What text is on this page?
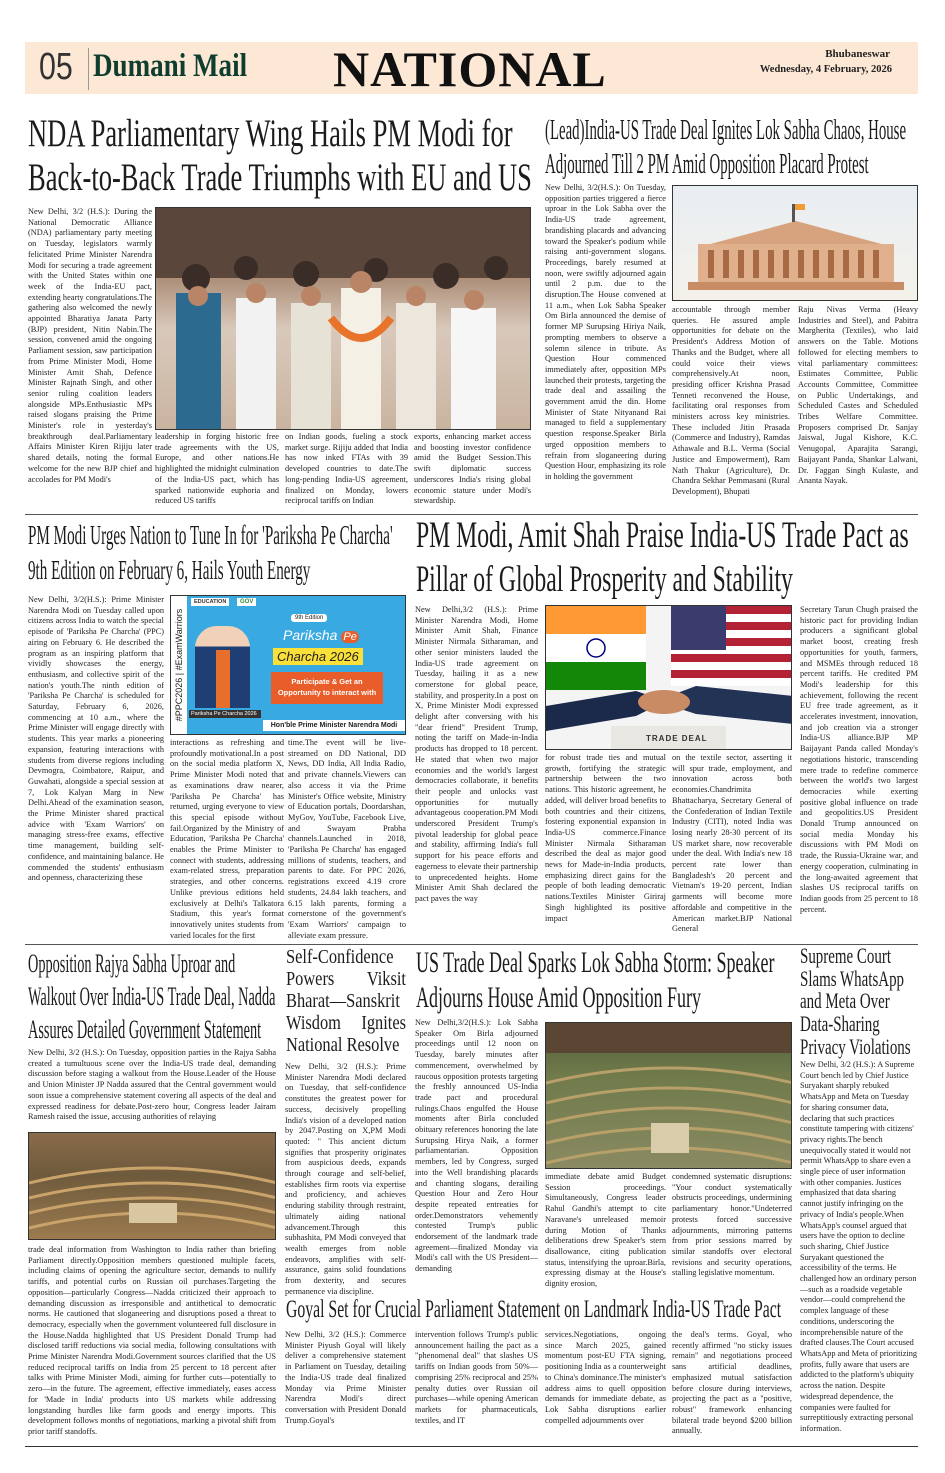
05 Dumani Mail NATIONAL	Bhubaneswar
Wednesday, 4 February, 2026
NDA Parliamentary Wing Hails PM Modi for Back-to-Back Trade Triumphs with EU and US
New Delhi, 3/2 (H.S.): During the National Democratic Alliance (NDA) parliamentary party meeting on Tuesday, legislators warmly felicitated Prime Minister Narendra Modi for securing a trade agreement with the United States within one week of the India-EU pact, extending hearty congratulations.The gathering also welcomed the newly appointed Bharatiya Janata Party (BJP) president, Nitin Nabin.The session, convened amid the ongoing Parliament session, saw participation from Prime Minister Modi, Home Minister Amit Shah, Defence Minister Rajnath Singh, and other senior ruling coalition leaders alongside MPs.Enthusiastic MPs raised slogans praising the Prime Minister's role in yesterday's breakthrough deal.Parliamentary Affairs Minister Kiren Rijiju later shared details, noting the formal welcome for the new BJP chief and accolades for PM Modi's
leadership in forging historic free trade agreements with the US, Europe, and other nations.He highlighted the midnight culmination of the India-US pact, which has sparked nationwide euphoria and reduced US tariffs
on Indian goods, fueling a stock market surge. Rijiju added that India has now inked FTAs with 39 developed countries to date.The long-pending India-US agreement, finalized on Monday, lowers reciprocal tariffs on Indian
exports, enhancing market access and boosting investor confidence amid the Budget Session.This swift diplomatic success underscores India's rising global economic stature under Modi's stewardship.
(Lead)India-US Trade Deal Ignites Lok Sabha Chaos, House Adjourned Till 2 PM Amid Opposition Placard Protest
New Delhi, 3/2(H.S.): On Tuesday, opposition parties triggered a fierce uproar in the Lok Sabha over the India-US trade agreement, brandishing placards and advancing toward the Speaker's podium while raising anti-government slogans. Proceedings, barely resumed at noon, were swiftly adjourned again until 2 p.m. due to the disruption.The House convened at 11 a.m., when Lok Sabha Speaker Om Birla announced the demise of former MP Surupsing Hiriya Naik, prompting members to observe a solemn silence in tribute. As Question Hour commenced immediately after, opposition MPs launched their protests, targeting the trade deal and assailing the government amid the din. Home Minister of State Nityanand Rai managed to field a supplementary question response.Speaker Birla urged opposition members to refrain from sloganeering during Question Hour, emphasizing its role in holding the government
accountable through member queries. He assured ample opportunities for debate on the President's Address Motion of Thanks and the Budget, where all could voice their views comprehensively.At noon, presiding officer Krishna Prasad Tenneti reconvened the House, facilitating oral responses from ministers across key ministries. These included Jitin Prasada (Commerce and Industry), Ramdas Athawale and B.L. Verma (Social Justice and Empowerment), Ram Nath Thakur (Agriculture), Dr. Chandra Sekhar Pemmasani (Rural Development), Bhupati
Raju Nivas Verma (Heavy Industries and Steel), and Pabitra Margherita (Textiles), who laid answers on the Table. Motions followed for electing members to vital parliamentary committees: Estimates Committee, Public Accounts Committee, Committee on Public Undertakings, and Scheduled Castes and Scheduled Tribes Welfare Committee. Proposers comprised Dr. Sanjay Jaiswal, Jugal Kishore, K.C. Venugopal, Aparajita Sarangi, Baijayant Panda, Shankar Lalwani, Dr. Faggan Singh Kulaste, and Ananta Nayak.
PM Modi Urges Nation to Tune In for 'Pariksha Pe Charcha' 9th Edition on February 6, Hails Youth Energy
New Delhi, 3/2(H.S.): Prime Minister Narendra Modi on Tuesday called upon citizens across India to watch the special episode of 'Pariksha Pe Charcha' (PPC) airing on February 6. He described the program as an inspiring platform that vividly showcases the energy, enthusiasm, and collective spirit of the nation's youth.The ninth edition of 'Pariksha Pe Charcha' is scheduled for Saturday, February 6, 2026, commencing at 10 a.m., where the Prime Minister will engage directly with students. This year marks a pioneering expansion, featuring interactions with students from diverse regions including Devmogra, Coimbatore, Raipur, and Guwahati, alongside a special session at 7, Lok Kalyan Marg in New Delhi.Ahead of the examination season, the Prime Minister shared practical advice with 'Exam Warriors' on managing stress-free exams, effective time management, building self-confidence, and maintaining balance. He commended the students' enthusiasm and openness, characterizing these
#PPC2026 | #ExamWarriors
EDUCATION	GOV
9th Edition
Pariksha Pe
Charcha 2026
Participate & Get an Opportunity to interact with
Pariksha Pe Charcha 2026
Hon'ble Prime Minister Narendra Modi
interactions as refreshing and profoundly motivational.In a post on the social media platform X, Prime Minister Modi noted that as examinations draw nearer, 'Pariksha Pe Charcha' has returned, urging everyone to view this special episode without fail.Organized by the Ministry of Education, 'Pariksha Pe Charcha' enables the Prime Minister to connect with students, addressing exam-related stress, preparation strategies, and other concerns. Unlike previous editions held exclusively at Delhi's Talkatora Stadium, this year's format innovatively unites students from varied locales for the first
time.The event will be live-streamed on DD National, DD News, DD India, All India Radio, and private channels.Viewers can also access it via the Prime Minister's Office website, Ministry of Education portals, Doordarshan, MyGov, YouTube, Facebook Live, and Swayam Prabha channels.Launched in 2018, 'Pariksha Pe Charcha' has engaged millions of students, teachers, and parents to date. For PPC 2026, registrations exceed 4.19 crore students, 24.84 lakh teachers, and 6.15 lakh parents, forming a cornerstone of the government's 'Exam Warriors' campaign to alleviate exam pressure.
PM Modi, Amit Shah Praise India-US Trade Pact as Pillar of Global Prosperity and Stability
New Delhi,3/2 (H.S.): Prime Minister Narendra Modi, Home Minister Amit Shah, Finance Minister Nirmala Sitharaman, and other senior ministers lauded the India-US trade agreement on Tuesday, hailing it as a new cornerstone for global peace, stability, and prosperity.In a post on X, Prime Minister Modi expressed delight after conversing with his "dear friend" President Trump, noting the tariff on Made-in-India products has dropped to 18 percent. He stated that when two major economies and the world's largest democracies collaborate, it benefits their people and unlocks vast opportunities for mutually advantageous cooperation.PM Modi underscored President Trump's pivotal leadership for global peace and stability, affirming India's full support for his peace efforts and eagerness to elevate their partnership to unprecedented heights. Home Minister Amit Shah declared the pact paves the way
TRADE DEAL
for robust trade ties and mutual growth, fortifying the strategic partnership between the two nations. This historic agreement, he added, will deliver broad benefits to both countries and their citizens, fostering exponential expansion in India-US commerce.Finance Minister Nirmala Sitharaman described the deal as major good news for Made-in-India products, emphasizing direct gains for the people of both leading democratic nations.Textiles Minister Giriraj Singh highlighted its positive impact
on the textile sector, asserting it will spur trade, employment, and innovation across both economies.Chandrimita Bhattacharya, Secretary General of the Confederation of Indian Textile Industry (CITI), noted India was losing nearly 28-30 percent of its US market share, now recoverable under the deal. With India's new 18 percent rate lower than Bangladesh's 20 percent and Vietnam's 19-20 percent, Indian garments will become more affordable and competitive in the American market.BJP National General
Secretary Tarun Chugh praised the historic pact for providing Indian producers a significant global market boost, creating fresh opportunities for youth, farmers, and MSMEs through reduced 18 percent tariffs. He credited PM Modi's leadership for this achievement, following the recent EU free trade agreement, as it accelerates investment, innovation, and job creation via a stronger India-US alliance.BJP MP Baijayant Panda called Monday's negotiations historic, transcending mere trade to redefine commerce between the world's two largest democracies while exerting positive global influence on trade and geopolitics.US President Donald Trump announced on social media Monday his discussions with PM Modi on trade, the Russia-Ukraine war, and energy cooperation, culminating in the long-awaited agreement that slashes US reciprocal tariffs on Indian goods from 25 percent to 18 percent.
Opposition Rajya Sabha Uproar and Walkout Over India-US Trade Deal, Nadda Assures Detailed Government Statement
New Delhi, 3/2 (H.S.): On Tuesday, opposition parties in the Rajya Sabha created a tumultuous scene over the India-US trade deal, demanding discussion before staging a walkout from the House.Leader of the House and Union Minister JP Nadda assured that the Central government would soon issue a comprehensive statement covering all aspects of the deal and expressed readiness for debate.Post-zero hour, Congress leader Jairam Ramesh raised the issue, accusing authorities of relaying
trade deal information from Washington to India rather than briefing Parliament directly.Opposition members questioned multiple facets, including claims of opening the agriculture sector, demands to nullify tariffs, and potential curbs on Russian oil purchases.Targeting the opposition—particularly Congress—Nadda criticized their approach to demanding discussion as irresponsible and antithetical to democratic norms. He cautioned that sloganeering and disruptions posed a threat to democracy, especially when the government volunteered full disclosure in the House.Nadda highlighted that US President Donald Trump had disclosed tariff reductions via social media, following consultations with Prime Minister Narendra Modi.Government sources clarified that the US reduced reciprocal tariffs on India from 25 percent to 18 percent after talks with Prime Minister Modi, aiming for further cuts—potentially to zero—in the future. The agreement, effective immediately, eases access for 'Made in India' products into US markets while addressing longstanding hurdles like farm goods and energy imports. This development follows months of negotiations, marking a pivotal shift from prior tariff standoffs.
Self-Confidence Powers Viksit Bharat—Sanskrit Wisdom Ignites National Resolve
New Delhi, 3/2 (H.S.): Prime Minister Narendra Modi declared on Tuesday, that self-confidence constitutes the greatest power for success, decisively propelling India's vision of a developed nation by 2047.Posting on X,PM Modi quoted: " This ancient dictum signifies that prosperity originates from auspicious deeds, expands through courage and self-belief, establishes firm roots via expertise and proficiency, and achieves enduring stability through restraint, ultimately aiding national advancement.Through this subhashita, PM Modi conveyed that wealth emerges from noble endeavors, amplifies with self-assurance, gains solid foundations from dexterity, and secures permanence via discipline.
US Trade Deal Sparks Lok Sabha Storm: Speaker Adjourns House Amid Opposition Fury
New Delhi,3/2(H.S.): Lok Sabha Speaker Om Birla adjourned proceedings until 12 noon on Tuesday, barely minutes after commencement, overwhelmed by raucous opposition protests targeting the freshly announced US-India trade pact and procedural rulings.Chaos engulfed the House moments after Birla concluded obituary references honoring the late Surupsing Hirya Naik, a former parliamentarian. Opposition members, led by Congress, surged into the Well brandishing placards and chanting slogans, derailing Question Hour and Zero Hour despite repeated entreaties for order.Demonstrators vehemently contested Trump's public endorsement of the landmark trade agreement—finalized Monday via Modi's call with the US President—demanding
immediate debate amid Budget Session proceedings. Simultaneously, Congress leader Rahul Gandhi's attempt to cite Naravane's unreleased memoir during Motion of Thanks deliberations drew Speaker's stern disallowance, citing publication status, intensifying the uproar.Birla, expressing dismay at the House's dignity erosion,
condemned systematic disruptions: "Your conduct systematically obstructs proceedings, undermining parliamentary honor."Undeterred protests forced successive adjournments, mirroring patterns from prior sessions marred by similar standoffs over electoral revisions and security operations, stalling legislative momentum.
Supreme Court Slams WhatsApp and Meta Over Data-Sharing Privacy Violations
New Delhi, 3/2 (H.S.): A Supreme Court bench led by Chief Justice Suryakant sharply rebuked WhatsApp and Meta on Tuesday for sharing consumer data, declaring that such practices constitute tampering with citizens' privacy rights.The bench unequivocally stated it would not permit WhatsApp to share even a single piece of user information with other companies. Justices emphasized that data sharing cannot justify infringing on the privacy of India's people.When WhatsApp's counsel argued that users have the option to decline such sharing, Chief Justice Suryakant questioned the accessibility of the terms. He challenged how an ordinary person—such as a roadside vegetable vendor—could comprehend the complex language of these conditions, underscoring the incomprehensible nature of the drafted clauses.The Court accused WhatsApp and Meta of prioritizing profits, fully aware that users are addicted to the platform's ubiquity across the nation. Despite widespread dependence, the companies were faulted for surreptitiously extracting personal information.
Goyal Set for Crucial Parliament Statement on Landmark India-US Trade Pact
New Delhi, 3/2 (H.S.): Commerce Minister Piyush Goyal will likely deliver a comprehensive statement in Parliament on Tuesday, detailing the India-US trade deal finalized Monday via Prime Minister Narendra Modi's direct conversation with President Donald Trump.Goyal's
intervention follows Trump's public announcement hailing the pact as a "phenomenal deal" that slashes US tariffs on Indian goods from 50%—comprising 25% reciprocal and 25% penalty duties over Russian oil purchases—while opening American markets for pharmaceuticals, textiles, and IT
services.Negotiations, ongoing since March 2025, gained momentum post-EU FTA signing, positioning India as a counterweight to China's dominance.The minister's address aims to quell opposition demands for immediate debate, as Lok Sabha disruptions earlier compelled adjournments over
the deal's terms. Goyal, who recently affirmed "no sticky issues remain" and negotiations proceed sans artificial deadlines, emphasized mutual satisfaction before closure during interviews, projecting the pact as a "positive, robust" framework enhancing bilateral trade beyond $200 billion annually.
